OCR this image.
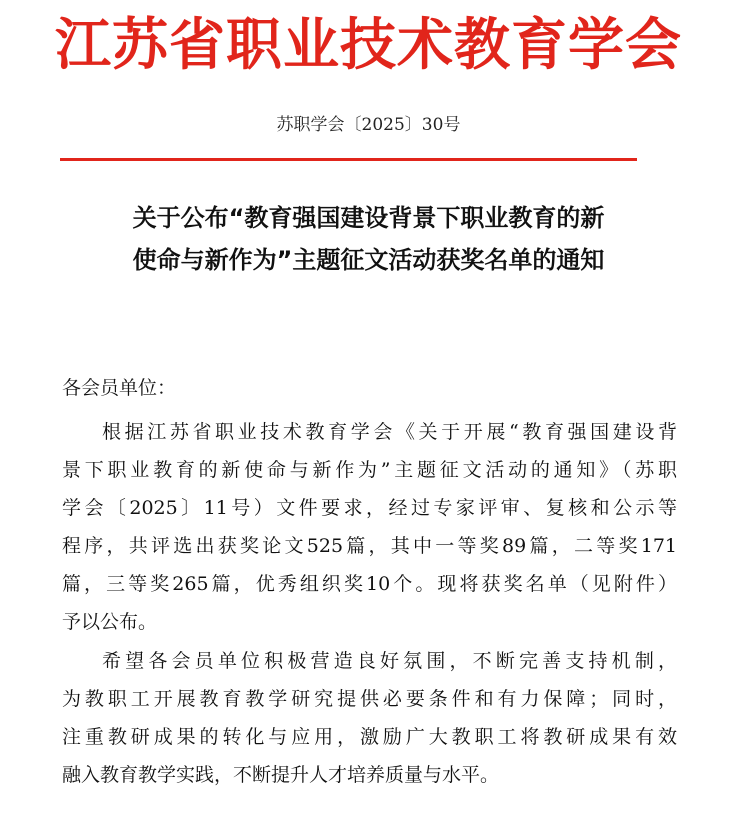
江苏省职业技术教育学会
苏职学会〔2025〕30号
关于公布“教育强国建设背景下职业教育的新
使命与新作为”主题征文活动获奖名单的通知
各会员单位：
根据江苏省职业技术教育学会《关于开展“教育强国建设背
景下职业教育的新使命与新作为”主题征文活动的通知》（苏职
学会〔2025〕11号）文件要求，经过专家评审、复核和公示等
程序，共评选出获奖论文525篇，其中一等奖89篇，二等奖171
篇，三等奖265篇，优秀组织奖10个。现将获奖名单（见附件）
予以公布。
希望各会员单位积极营造良好氛围，不断完善支持机制，
为教职工开展教育教学研究提供必要条件和有力保障；同时，
注重教研成果的转化与应用，激励广大教职工将教研成果有效
融入教育教学实践，不断提升人才培养质量与水平。
